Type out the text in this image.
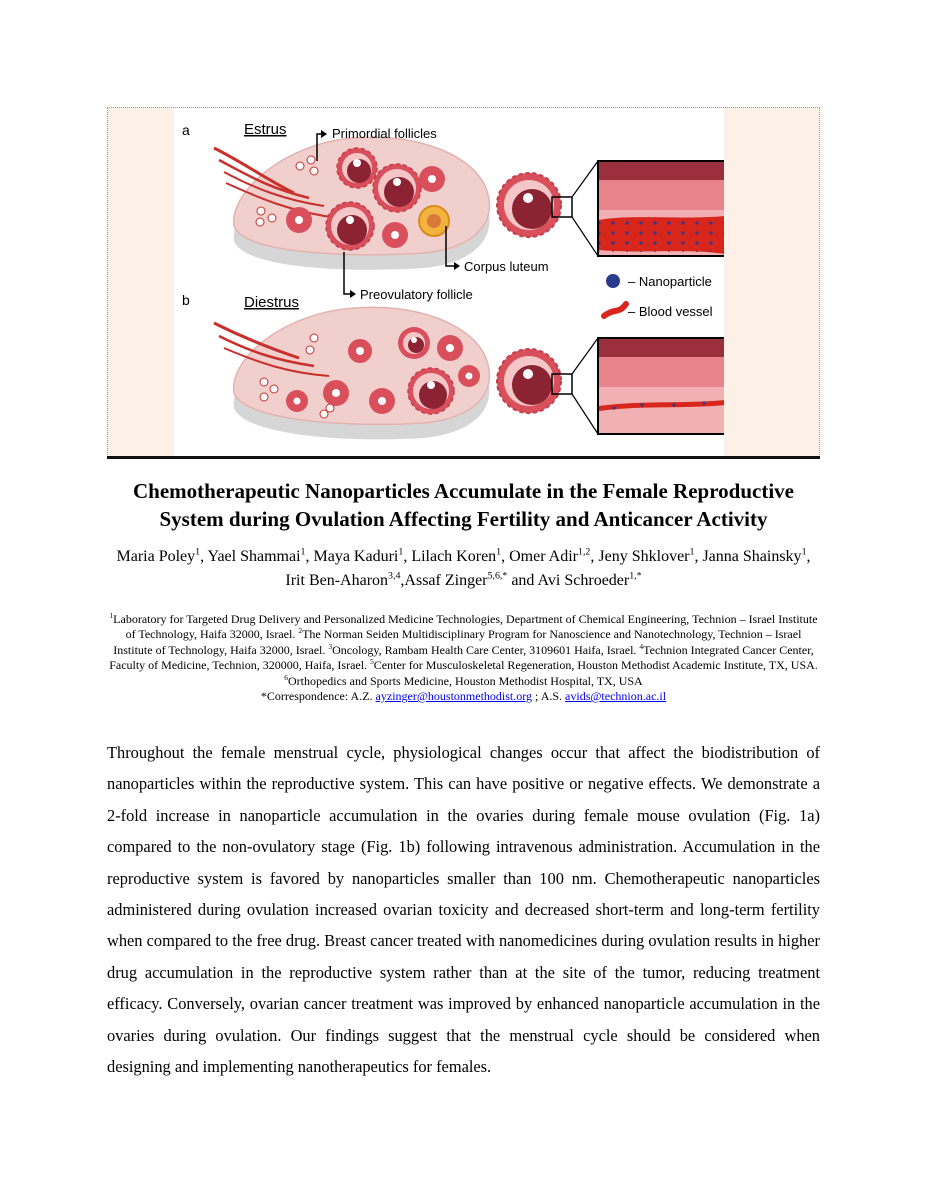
a	Estrus	Primordial follicles
Corpus luteum
Preovulatory follicle
– Nanoparticle
– Blood vessel
b	Diestrus
Chemotherapeutic Nanoparticles Accumulate in the Female Reproductive
System during Ovulation Affecting Fertility and Anticancer Activity

Maria Poley$^1$, Yael Shammai$^1$, Maya Kaduri$^1$, Lilach Koren$^1$, Omer Adir$^{1,2}$, Jeny Shklover$^1$, Janna Shainsky$^1$, Irit Ben-Aharon$^{3,4}$,Assaf Zinger$^{5,6,*}$ and Avi Schroeder$^{1,*}$

$^1$Laboratory for Targeted Drug Delivery and Personalized Medicine Technologies, Department of Chemical Engineering, Technion – Israel Institute of Technology, Haifa 32000, Israel. $^2$The Norman Seiden Multidisciplinary Program for Nanoscience and Nanotechnology, Technion – Israel Institute of Technology, Haifa 32000, Israel. $^3$Oncology, Rambam Health Care Center, 3109601 Haifa, Israel. $^4$Technion Integrated Cancer Center, Faculty of Medicine, Technion, 320000, Haifa, Israel. $^5$Center for Musculoskeletal Regeneration, Houston Methodist Academic Institute, TX, USA. $^6$Orthopedics and Sports Medicine, Houston Methodist Hospital, TX, USA
*Correspondence: A.Z. ayzinger@houstonmethodist.org ; A.S. avids@technion.ac.il

Throughout the female menstrual cycle, physiological changes occur that affect the biodistribution of nanoparticles within the reproductive system. This can have positive or negative effects. We demonstrate a 2-fold increase in nanoparticle accumulation in the ovaries during female mouse ovulation (Fig. 1a) compared to the non-ovulatory stage (Fig. 1b) following intravenous administration. Accumulation in the reproductive system is favored by nanoparticles smaller than 100 nm. Chemotherapeutic nanoparticles administered during ovulation increased ovarian toxicity and decreased short-term and long-term fertility when compared to the free drug. Breast cancer treated with nanomedicines during ovulation results in higher drug accumulation in the reproductive system rather than at the site of the tumor, reducing treatment efficacy. Conversely, ovarian cancer treatment was improved by enhanced nanoparticle accumulation in the ovaries during ovulation. Our findings suggest that the menstrual cycle should be considered when designing and implementing nanotherapeutics for females.
